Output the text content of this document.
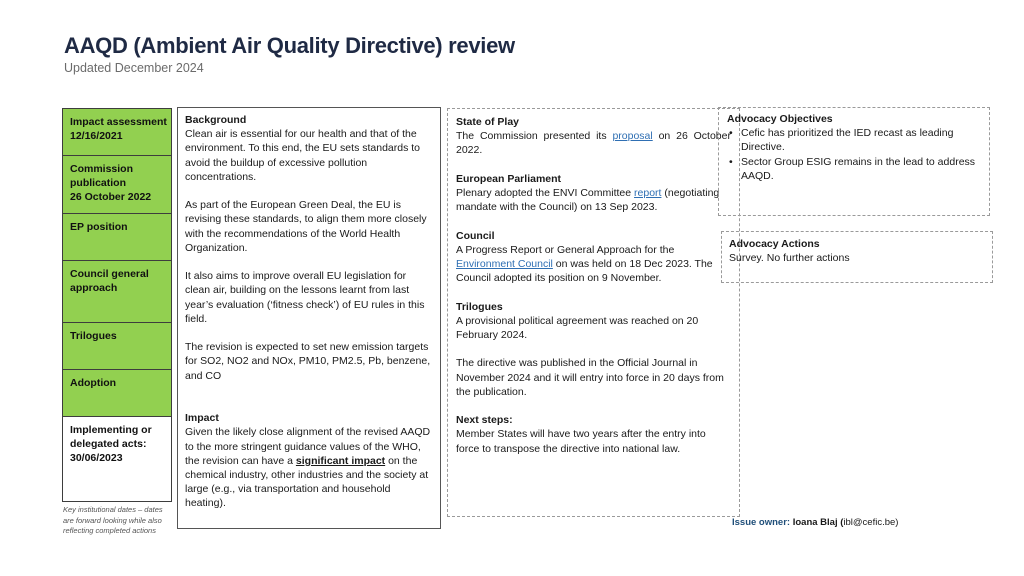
AAQD (Ambient Air Quality Directive) review
Updated December 2024
Impact assessment
12/16/2021
Commission
publication
26 October 2022
EP position
Council general
approach
Trilogues
Adoption
Implementing or
delegated acts:
30/06/2023
Key institutional dates – dates are forward looking while also reflecting completed actions

Background

Clean air is essential for our health and that of the environment. To this end, the EU sets standards to avoid the buildup of excessive pollution concentrations.

As part of the European Green Deal, the EU is revising these standards, to align them more closely with the recommendations of the World Health Organization.

It also aims to improve overall EU legislation for clean air, building on the lessons learnt from last year’s evaluation (‘fitness check’) of EU rules in this field.

The revision is expected to set new emission targets for SO2, NO2 and NOx, PM10, PM2.5, Pb, benzene, and CO

Impact

Given the likely close alignment of the revised AAQD to the more stringent guidance values of the WHO, the revision can have a significant impact on the chemical industry, other industries and the society at large (e.g., via transportation and household heating).

State of Play

The Commission presented its proposal on 26 October 2022.

European Parliament

Plenary adopted the ENVI Committee report (negotiating mandate with the Council) on 13 Sep 2023.

Council

A Progress Report or General Approach for the Environment Council on was held on 18 Dec 2023. The Council adopted its position on 9 November.

Trilogues

A provisional political agreement was reached on 20 February 2024.

The directive was published in the Official Journal in November 2024 and it will entry into force in 20 days from the publication.

Next steps:

Member States will have two years after the entry into force to transpose the directive into national law.

Advocacy Objectives

• Cefic has prioritized the IED recast as leading Directive.
• Sector Group ESIG remains in the lead to address AAQD.

Advocacy Actions

Survey. No further actions

Issue owner: Ioana Blaj (ibl@cefic.be)
